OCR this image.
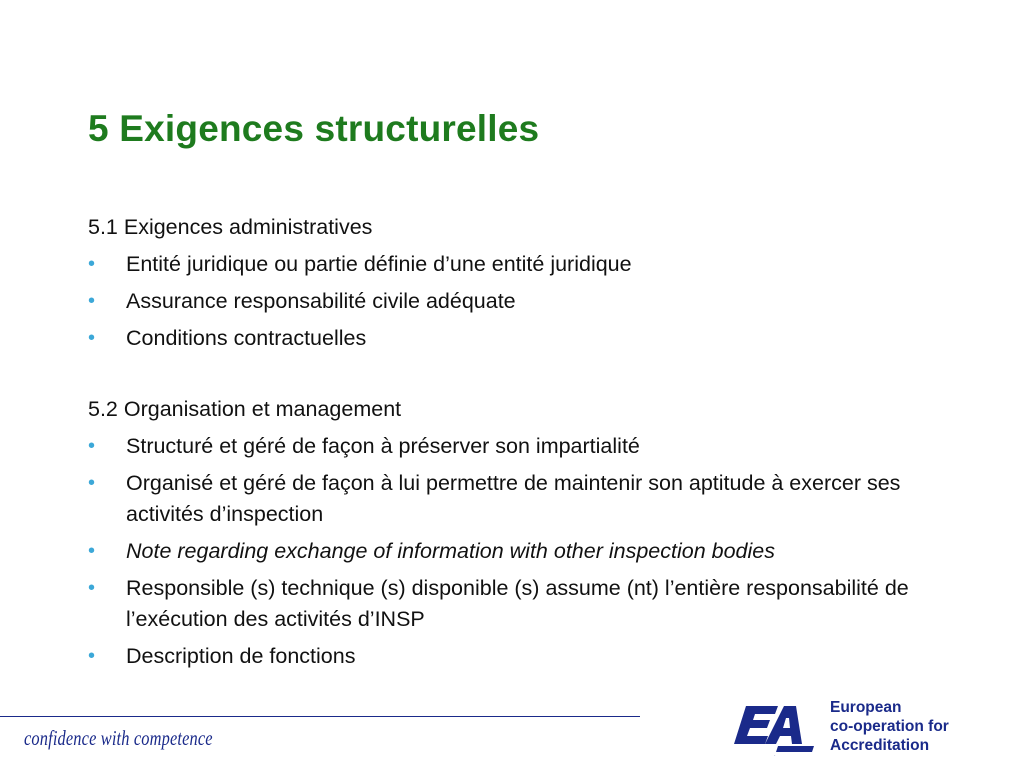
5 Exigences structurelles

5.1 Exigences administratives

• Entité juridique ou partie définie d’une entité juridique
• Assurance responsabilité civile adéquate
• Conditions contractuelles

5.2 Organisation et management

• Structuré et géré de façon à préserver son impartialité
• Organisé et géré de façon à lui permettre de maintenir son aptitude à exercer ses activités d’inspection
• Note regarding exchange of information with other inspection bodies
• Responsible (s) technique (s) disponible (s) assume (nt) l’entière responsabilité de l’exécution des activités d’INSP
• Description de fonctions
confidence with competence
EA
European
co-operation for
Accreditation
